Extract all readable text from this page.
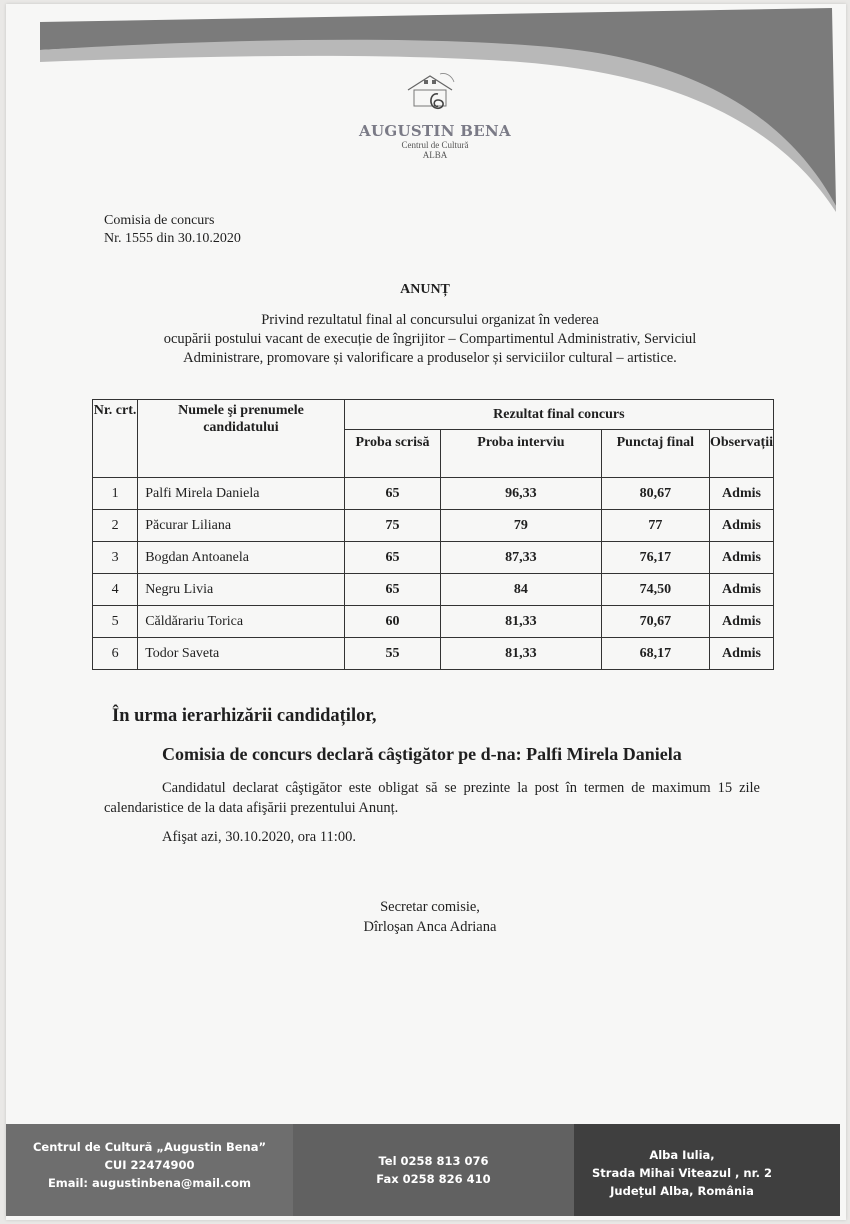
AUGUSTIN BENA
Centrul de Cultură
ALBA
Comisia de concurs
Nr. 1555 din 30.10.2020
ANUNȚ
Privind rezultatul final al concursului organizat în vederea
ocupării postului vacant de execuție de îngrijitor – Compartimentul Administrativ, Serviciul
Administrare, promovare și valorificare a produselor și serviciilor cultural – artistice.
Nr. crt.	Numele şi prenumele candidatului	Rezultat final concurs			
		Proba scrisă	Proba interviu	Punctaj final	Observații
1	Palfi Mirela Daniela	65	96,33	80,67	Admis
2	Păcurar Liliana	75	79	77	Admis
3	Bogdan Antoanela	65	87,33	76,17	Admis
4	Negru Livia	65	84	74,50	Admis
5	Căldărariu Torica	60	81,33	70,67	Admis
6	Todor Saveta	55	81,33	68,17	Admis
În urma ierarhizării candidaților,
Comisia de concurs declară câştigător pe d-na: Palfi Mirela Daniela
Candidatul declarat câştigător este obligat să se prezinte la post în termen de maximum 15 zile calendaristice de la data afişării prezentului Anunț.
Afişat azi, 30.10.2020, ora 11:00.
Secretar comisie,
Dîrloşan Anca Adriana
Centrul de Cultură „Augustin Bena”
CUI 22474900
Email: augustinbena@mail.com
Tel 0258 813 076
Fax 0258 826 410
Alba Iulia,
Strada Mihai Viteazul , nr. 2
Județul Alba, România
